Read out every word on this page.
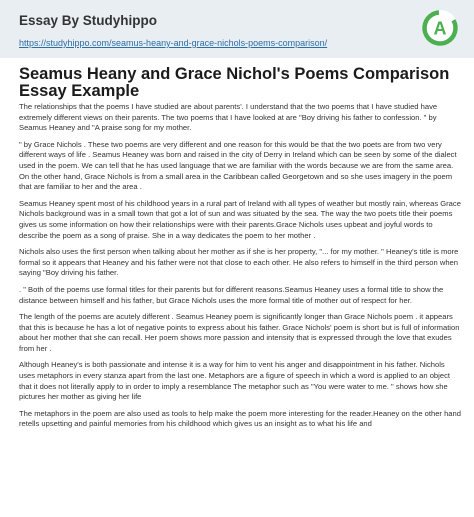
Essay By Studyhippo

https://studyhippo.com/seamus-heany-and-grace-nichols-poems-comparison/
A
Seamus Heany and Grace Nichol's Poems Comparison Essay Example

The relationships that the poems I have studied are about parents'. I understand that the two poems that I have studied have extremely different views on their parents. The two poems that I have looked at are "Boy driving his father to confession. " by Seamus Heaney and "A praise song for my mother.

" by Grace Nichols . These two poems are very different and one reason for this would be that the two poets are from two very different ways of life . Seamus Heaney was born and raised in the city of Derry in Ireland which can be seen by some of the dialect used in the poem. We can tell that he has used language that we are familiar with the words because we are from the same area. On the other hand, Grace Nichols is from a small area in the Caribbean called Georgetown and so she uses imagery in the poem that are familiar to her and the area .

Seamus Heaney spent most of his childhood years in a rural part of Ireland with all types of weather but mostly rain, whereas Grace Nichols background was in a small town that got a lot of sun and was situated by the sea. The way the two poets title their poems gives us some information on how their relationships were with their parents.Grace Nichols uses upbeat and joyful words to describe the poem as a song of praise. She in a way dedicates the poem to her mother .

Nichols also uses the first person when talking about her mother as if she is her property, "... for my mother. " Heaney's title is more formal so it appears that Heaney and his father were not that close to each other. He also refers to himself in the third person when saying "Boy driving his father.

. " Both of the poems use formal titles for their parents but for different reasons.Seamus Heaney uses a formal title to show the distance between himself and his father, but Grace Nichols uses the more formal title of mother out of respect for her.

The length of the poems are acutely different . Seamus Heaney poem is significantly longer than Grace Nichols poem . it appears that this is because he has a lot of negative points to express about his father. Grace Nichols' poem is short but is full of information about her mother that she can recall. Her poem shows more passion and intensity that is expressed through the love that exudes from her .

Although Heaney's is both passionate and intense it is a way for him to vent his anger and disappointment in his father. Nichols uses metaphors in every stanza apart from the last one. Metaphors are a figure of speech in which a word is applied to an object that it does not literally apply to in order to imply a resemblance The metaphor such as "You were water to me. " shows how she pictures her mother as giving her life

The metaphors in the poem are also used as tools to help make the poem more interesting for the reader.Heaney on the other hand retells upsetting and painful memories from his childhood which gives us an insight as to what his life and
